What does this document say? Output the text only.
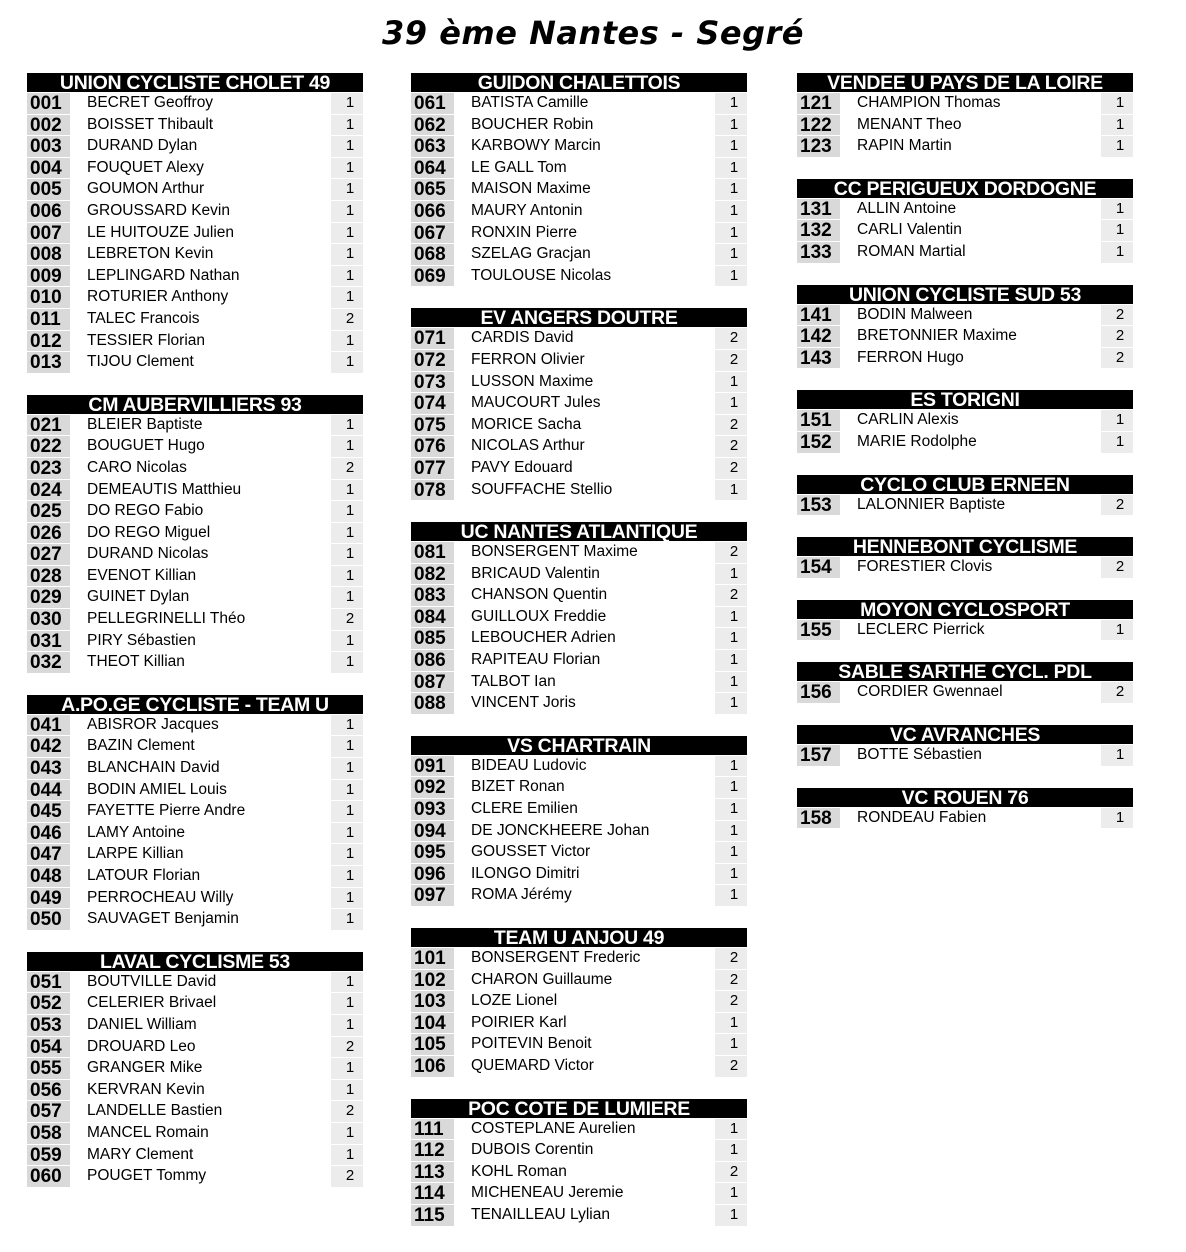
39 ème Nantes - Segré
UNION CYCLISTE CHOLET 49
001	BECRET Geoffroy	1
002	BOISSET Thibault	1
003	DURAND Dylan	1
004	FOUQUET Alexy	1
005	GOUMON Arthur	1
006	GROUSSARD Kevin	1
007	LE HUITOUZE Julien	1
008	LEBRETON Kevin	1
009	LEPLINGARD Nathan	1
010	ROTURIER Anthony	1
011	TALEC Francois	2
012	TESSIER Florian	1
013	TIJOU Clement	1
CM AUBERVILLIERS 93
021	BLEIER Baptiste	1
022	BOUGUET Hugo	1
023	CARO Nicolas	2
024	DEMEAUTIS Matthieu	1
025	DO REGO Fabio	1
026	DO REGO Miguel	1
027	DURAND Nicolas	1
028	EVENOT Killian	1
029	GUINET Dylan	1
030	PELLEGRINELLI Théo	2
031	PIRY Sébastien	1
032	THEOT Killian	1
A.PO.GE CYCLISTE - TEAM U
041	ABISROR Jacques	1
042	BAZIN Clement	1
043	BLANCHAIN David	1
044	BODIN AMIEL Louis	1
045	FAYETTE Pierre Andre	1
046	LAMY Antoine	1
047	LARPE Killian	1
048	LATOUR Florian	1
049	PERROCHEAU Willy	1
050	SAUVAGET Benjamin	1
LAVAL CYCLISME 53
051	BOUTVILLE David	1
052	CELERIER Brivael	1
053	DANIEL William	1
054	DROUARD Leo	2
055	GRANGER Mike	1
056	KERVRAN Kevin	1
057	LANDELLE Bastien	2
058	MANCEL Romain	1
059	MARY Clement	1
060	POUGET Tommy	2
GUIDON CHALETTOIS
061	BATISTA Camille	1
062	BOUCHER Robin	1
063	KARBOWY Marcin	1
064	LE GALL Tom	1
065	MAISON Maxime	1
066	MAURY Antonin	1
067	RONXIN Pierre	1
068	SZELAG Gracjan	1
069	TOULOUSE Nicolas	1
EV ANGERS DOUTRE
071	CARDIS David	2
072	FERRON Olivier	2
073	LUSSON Maxime	1
074	MAUCOURT Jules	1
075	MORICE Sacha	2
076	NICOLAS Arthur	2
077	PAVY Edouard	2
078	SOUFFACHE Stellio	1
UC NANTES ATLANTIQUE
081	BONSERGENT Maxime	2
082	BRICAUD Valentin	1
083	CHANSON Quentin	2
084	GUILLOUX Freddie	1
085	LEBOUCHER Adrien	1
086	RAPITEAU Florian	1
087	TALBOT Ian	1
088	VINCENT Joris	1
VS CHARTRAIN
091	BIDEAU Ludovic	1
092	BIZET Ronan	1
093	CLERE Emilien	1
094	DE JONCKHEERE Johan	1
095	GOUSSET Victor	1
096	ILONGO Dimitri	1
097	ROMA Jérémy	1
TEAM U ANJOU 49
101	BONSERGENT Frederic	2
102	CHARON Guillaume	2
103	LOZE Lionel	2
104	POIRIER Karl	1
105	POITEVIN Benoit	1
106	QUEMARD Victor	2
POC COTE DE LUMIERE
111	COSTEPLANE Aurelien	1
112	DUBOIS Corentin	1
113	KOHL Roman	2
114	MICHENEAU Jeremie	1
115	TENAILLEAU Lylian	1
VENDEE U PAYS DE LA LOIRE
121	CHAMPION Thomas	1
122	MENANT Theo	1
123	RAPIN Martin	1
CC PERIGUEUX DORDOGNE
131	ALLIN Antoine	1
132	CARLI Valentin	1
133	ROMAN Martial	1
UNION CYCLISTE SUD 53
141	BODIN Malween	2
142	BRETONNIER Maxime	2
143	FERRON Hugo	2
ES TORIGNI
151	CARLIN Alexis	1
152	MARIE Rodolphe	1
CYCLO CLUB ERNEEN
153	LALONNIER Baptiste	2
HENNEBONT CYCLISME
154	FORESTIER Clovis	2
MOYON CYCLOSPORT
155	LECLERC Pierrick	1
SABLE SARTHE CYCL. PDL
156	CORDIER Gwennael	2
VC AVRANCHES
157	BOTTE Sébastien	1
VC ROUEN 76
158	RONDEAU Fabien	1
